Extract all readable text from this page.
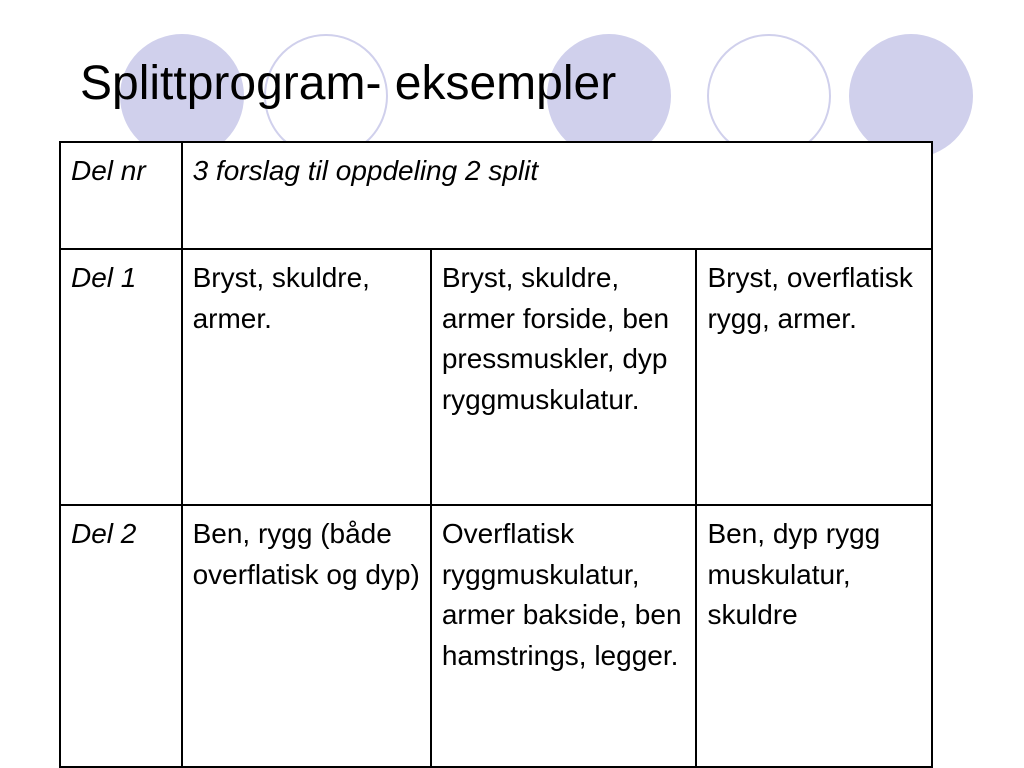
Splittprogram- eksempler
Del nr	3 forslag til oppdeling 2 split		
Del 1	Bryst, skuldre, armer.	Bryst, skuldre, armer forside, ben pressmuskler, dyp ryggmuskulatur.	Bryst, overflatisk rygg, armer.
Del 2	Ben, rygg (både overflatisk og dyp)	Overflatisk ryggmuskulatur, armer bakside, ben hamstrings, legger.	Ben, dyp rygg muskulatur, skuldre
